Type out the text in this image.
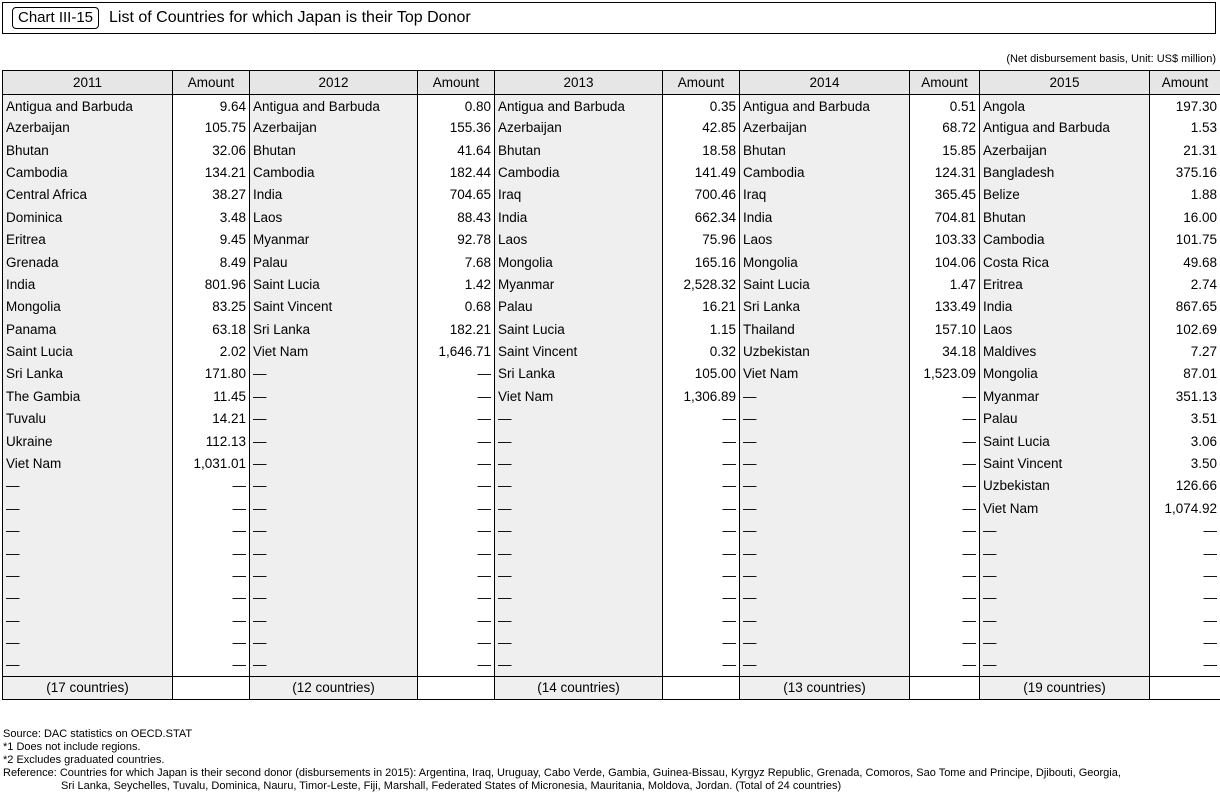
Chart III-15	List of Countries for which Japan is their Top Donor
(Net disbursement basis, Unit: US$ million)
2011	Amount	2012	Amount	2013	Amount	2014	Amount	2015	Amount
Antigua and Barbuda	9.64	Antigua and Barbuda	0.80	Antigua and Barbuda	0.35	Antigua and Barbuda	0.51	Angola	197.30
Azerbaijan	105.75	Azerbaijan	155.36	Azerbaijan	42.85	Azerbaijan	68.72	Antigua and Barbuda	1.53
Bhutan	32.06	Bhutan	41.64	Bhutan	18.58	Bhutan	15.85	Azerbaijan	21.31
Cambodia	134.21	Cambodia	182.44	Cambodia	141.49	Cambodia	124.31	Bangladesh	375.16
Central Africa	38.27	India	704.65	Iraq	700.46	Iraq	365.45	Belize	1.88
Dominica	3.48	Laos	88.43	India	662.34	India	704.81	Bhutan	16.00
Eritrea	9.45	Myanmar	92.78	Laos	75.96	Laos	103.33	Cambodia	101.75
Grenada	8.49	Palau	7.68	Mongolia	165.16	Mongolia	104.06	Costa Rica	49.68
India	801.96	Saint Lucia	1.42	Myanmar	2,528.32	Saint Lucia	1.47	Eritrea	2.74
Mongolia	83.25	Saint Vincent	0.68	Palau	16.21	Sri Lanka	133.49	India	867.65
Panama	63.18	Sri Lanka	182.21	Saint Lucia	1.15	Thailand	157.10	Laos	102.69
Saint Lucia	2.02	Viet Nam	1,646.71	Saint Vincent	0.32	Uzbekistan	34.18	Maldives	7.27
Sri Lanka	171.80	—	—	Sri Lanka	105.00	Viet Nam	1,523.09	Mongolia	87.01
The Gambia	11.45	—	—	Viet Nam	1,306.89	—	—	Myanmar	351.13
Tuvalu	14.21	—	—	—	—	—	—	Palau	3.51
Ukraine	112.13	—	—	—	—	—	—	Saint Lucia	3.06
Viet Nam	1,031.01	—	—	—	—	—	—	Saint Vincent	3.50
—	—	—	—	—	—	—	—	Uzbekistan	126.66
—	—	—	—	—	—	—	—	Viet Nam	1,074.92
—	—	—	—	—	—	—	—	—	—
—	—	—	—	—	—	—	—	—	—
—	—	—	—	—	—	—	—	—	—
—	—	—	—	—	—	—	—	—	—
—	—	—	—	—	—	—	—	—	—
—	—	—	—	—	—	—	—	—	—
—	—	—	—	—	—	—	—	—	—
(17 countries)		(12 countries)		(14 countries)		(13 countries)		(19 countries)	
Source: DAC statistics on OECD.STAT
*1 Does not include regions.
*2 Excludes graduated countries.
Reference: Countries for which Japan is their second donor (disbursements in 2015): Argentina, Iraq, Uruguay, Cabo Verde, Gambia, Guinea-Bissau, Kyrgyz Republic, Grenada, Comoros, Sao Tome and Principe, Djibouti, Georgia,
Sri Lanka, Seychelles, Tuvalu, Dominica, Nauru, Timor-Leste, Fiji, Marshall, Federated States of Micronesia, Mauritania, Moldova, Jordan. (Total of 24 countries)
